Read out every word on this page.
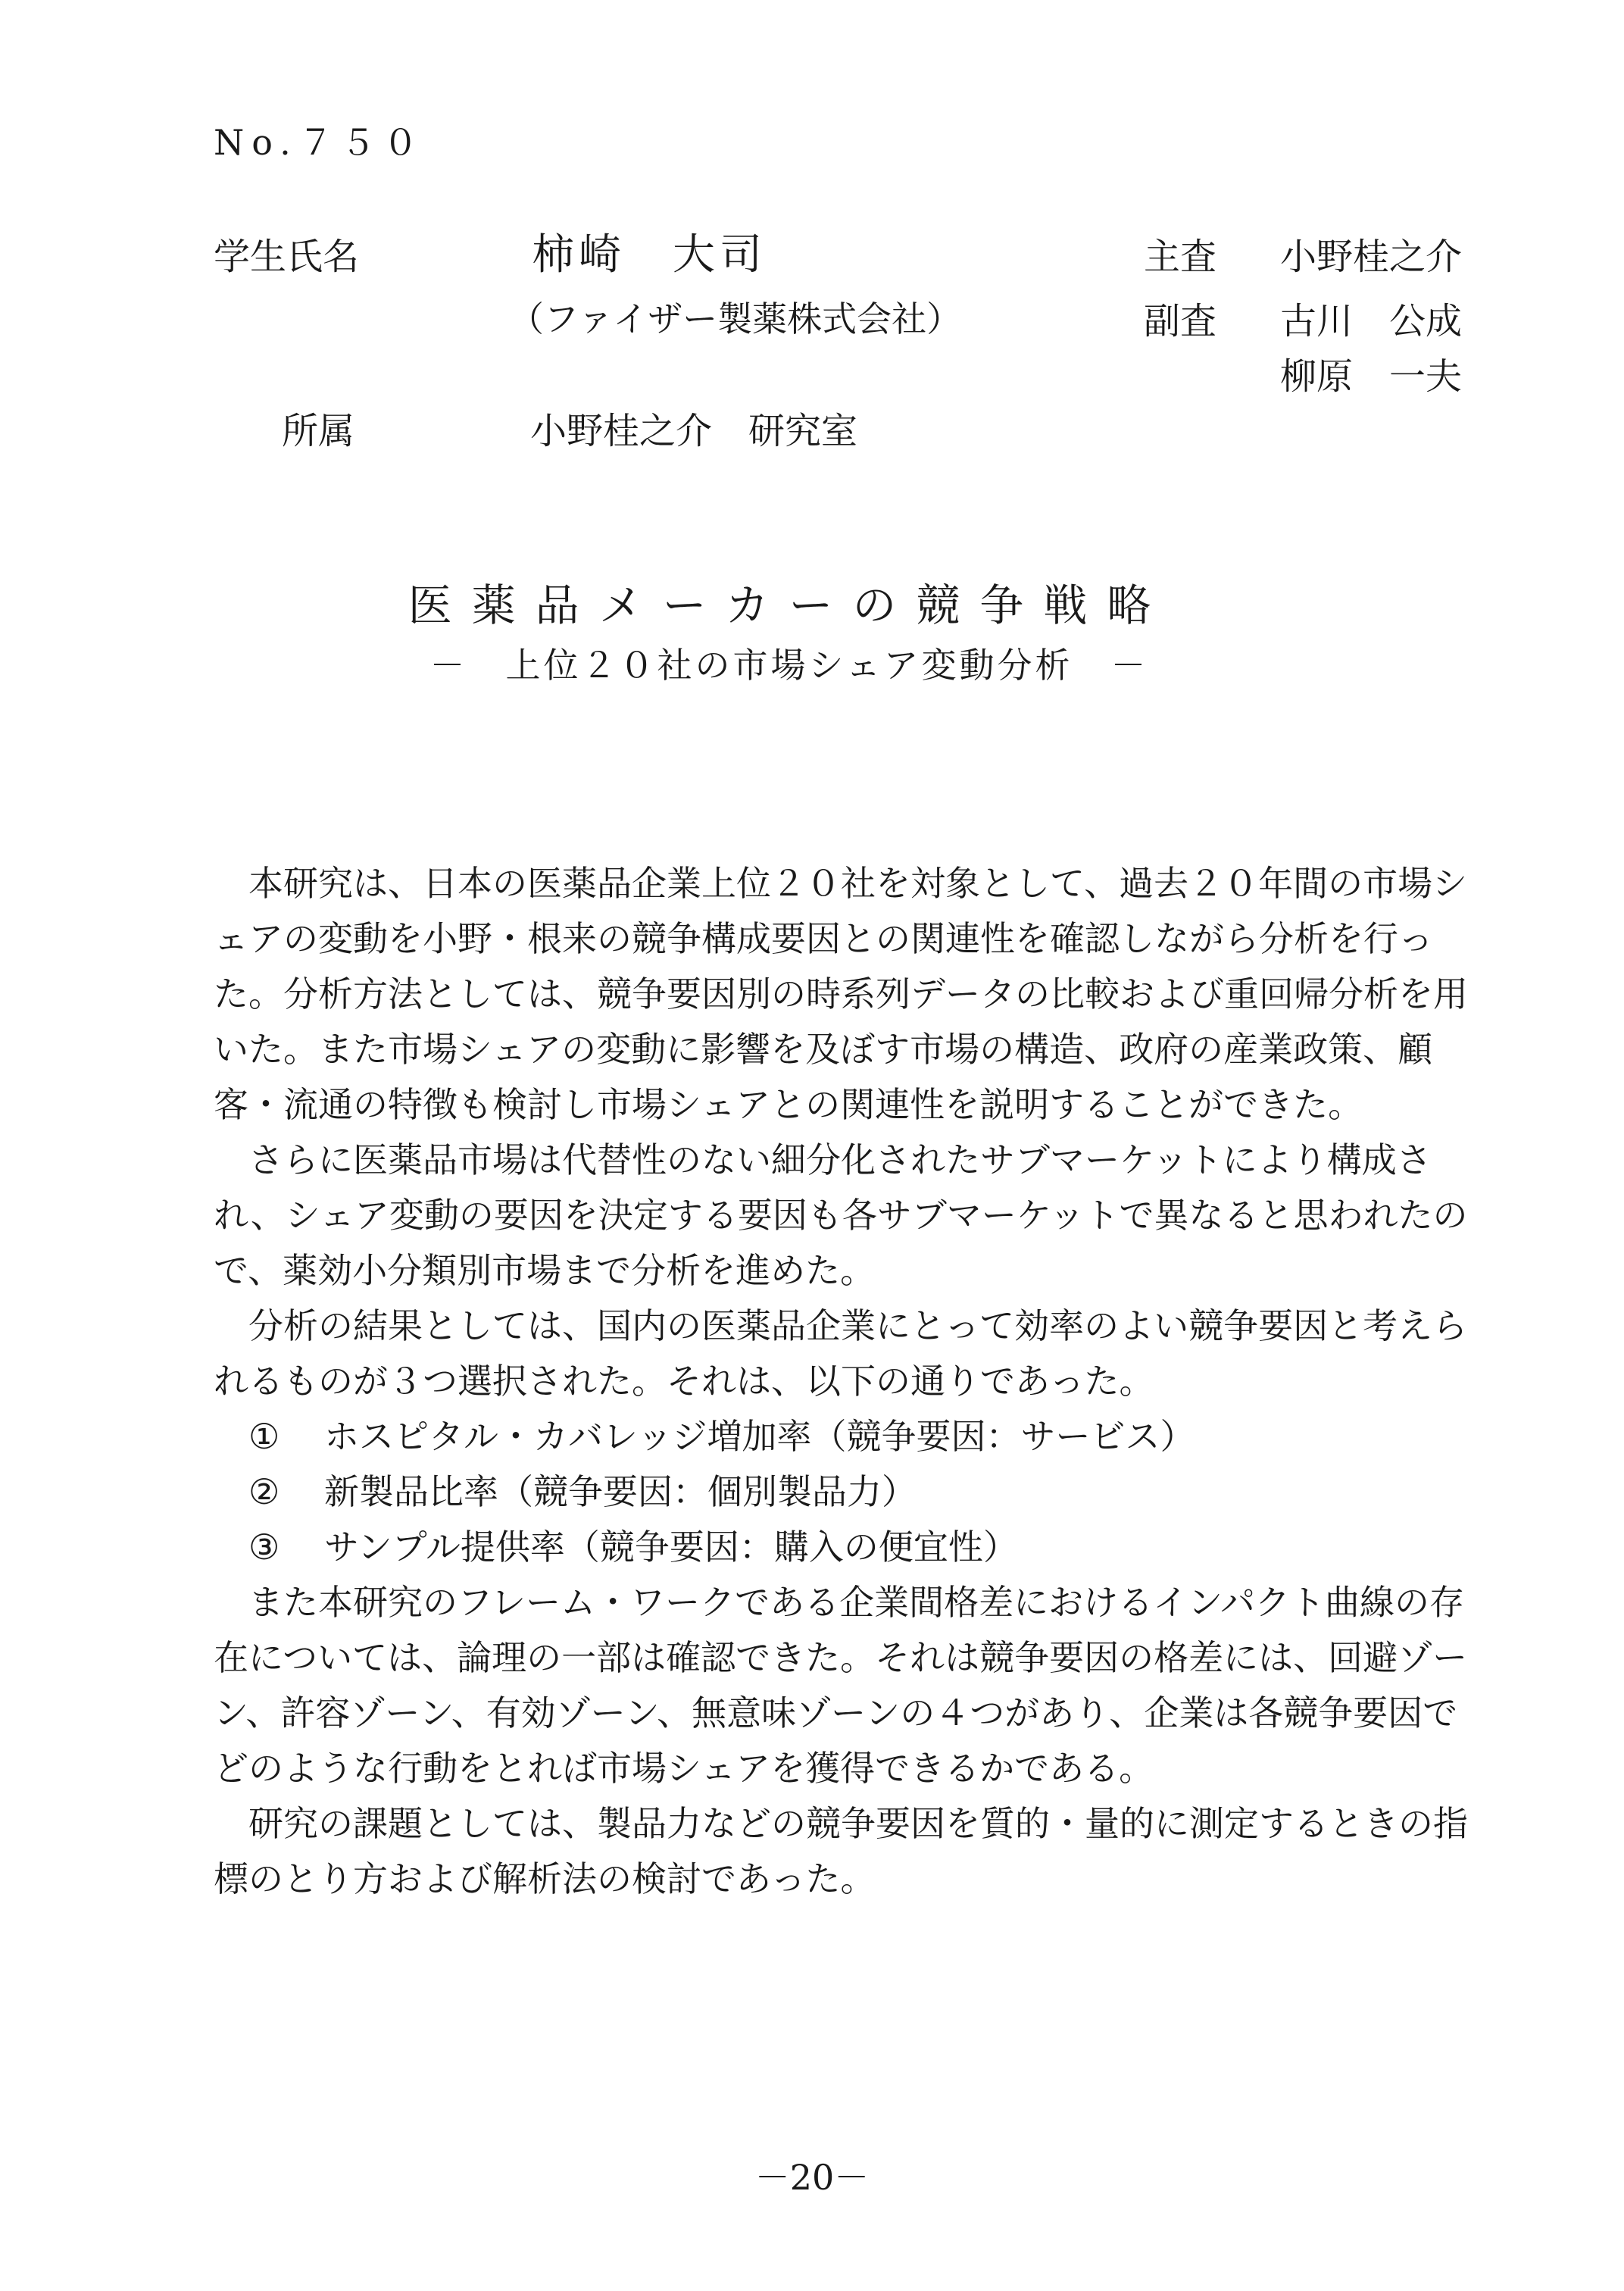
No.７５０
学生氏名	柿崎　大司
（ファイザー製薬株式会社）
所属	小野桂之介　研究室
主査 小野桂之介
副査 古川　公成
柳原　一夫
医薬品メーカーの競争戦略
－　上位２０社の市場シェア変動分析　－

本研究は、日本の医薬品企業上位２０社を対象として、過去２０年間の市場シェアの変動を小野・根来の競争構成要因との関連性を確認しながら分析を行った。分析方法としては、競争要因別の時系列データの比較および重回帰分析を用いた。また市場シェアの変動に影響を及ぼす市場の構造、政府の産業政策、顧客・流通の特徴も検討し市場シェアとの関連性を説明することができた。

さらに医薬品市場は代替性のない細分化されたサブマーケットにより構成され、シェア変動の要因を決定する要因も各サブマーケットで異なると思われたので、薬効小分類別市場まで分析を進めた。

分析の結果としては、国内の医薬品企業にとって効率のよい競争要因と考えられるものが３つ選択された。それは、以下の通りであった。

① ホスピタル・カバレッジ増加率（競争要因：サービス）

② 新製品比率（競争要因：個別製品力）

③ サンプル提供率（競争要因：購入の便宜性）

また本研究のフレーム・ワークである企業間格差におけるインパクト曲線の存在については、論理の一部は確認できた。それは競争要因の格差には、回避ゾーン、許容ゾーン、有効ゾーン、無意味ゾーンの４つがあり、企業は各競争要因でどのような行動をとれば市場シェアを獲得できるかである。

研究の課題としては、製品力などの競争要因を質的・量的に測定するときの指標のとり方および解析法の検討であった。

－20－
